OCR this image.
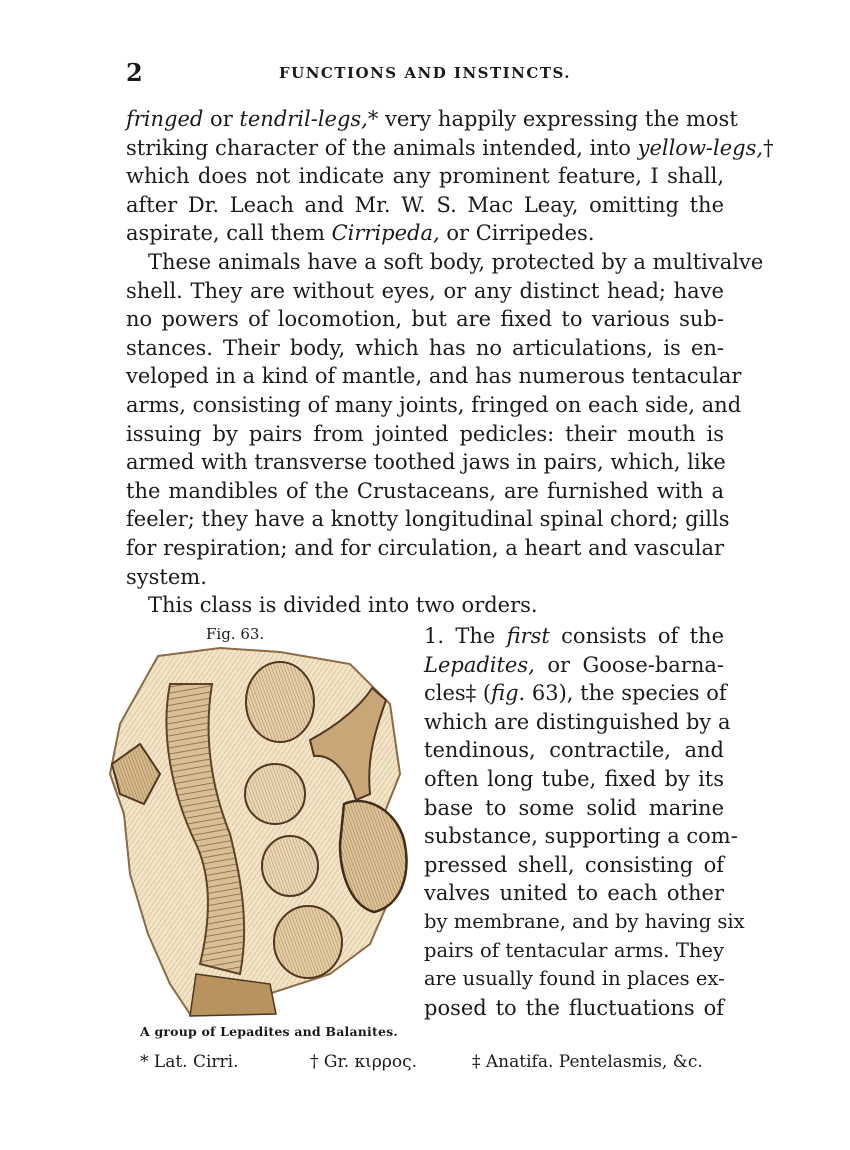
2	FUNCTIONS AND INSTINCTS.
fringed or tendril-legs,* very happily expressing the most
striking character of the animals intended, into yellow-legs,†
which does not indicate any prominent feature, I shall,
after Dr. Leach and Mr. W. S. Mac Leay, omitting the
aspirate, call them Cirripeda, or Cirripedes.
These animals have a soft body, protected by a multivalve
shell. They are without eyes, or any distinct head; have
no powers of locomotion, but are fixed to various sub-
stances. Their body, which has no articulations, is en-
veloped in a kind of mantle, and has numerous tentacular
arms, consisting of many joints, fringed on each side, and
issuing by pairs from jointed pedicles: their mouth is
armed with transverse toothed jaws in pairs, which, like
the mandibles of the Crustaceans, are furnished with a
feeler; they have a knotty longitudinal spinal chord; gills
for respiration; and for circulation, a heart and vascular
system.
This class is divided into two orders.
Fig. 63.
A group of Lepadites and Balanites.
1. The first consists of the
Lepadites, or Goose-barna-
cles‡ (fig. 63), the species of
which are distinguished by a
tendinous, contractile, and
often long tube, fixed by its
base to some solid marine
substance, supporting a com-
pressed shell, consisting of
valves united to each other
by membrane, and by having six
pairs of tentacular arms. They
are usually found in places ex-
posed to the fluctuations of
* Lat. Cirri.	† Gr. κιρρος.	‡ Anatifa. Pentelasmis, &c.
